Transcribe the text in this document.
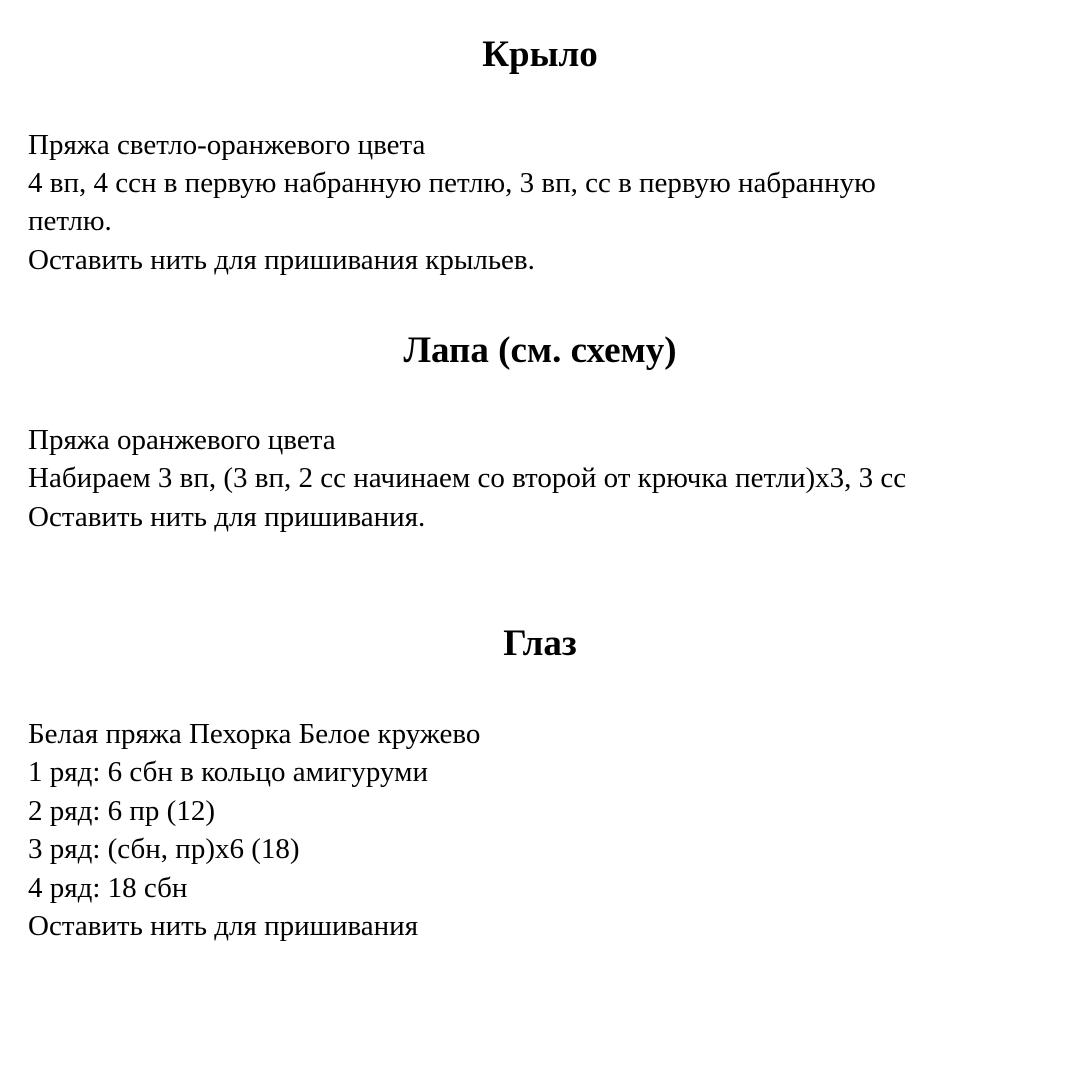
Крыло

Пряжа светло-оранжевого цвета

4 вп, 4 ссн в первую набранную петлю, 3 вп, сс в первую набранную

петлю.

Оставить нить для пришивания крыльев.

Лапа (см. схему)

Пряжа оранжевого цвета

Набираем 3 вп, (3 вп, 2 сс начинаем со второй от крючка петли)х3, 3 сс

Оставить нить для пришивания.

Глаз

Белая пряжа Пехорка Белое кружево

1 ряд: 6 сбн в кольцо амигуруми

2 ряд: 6 пр (12)

3 ряд: (сбн, пр)х6 (18)

4 ряд: 18 сбн

Оставить нить для пришивания
